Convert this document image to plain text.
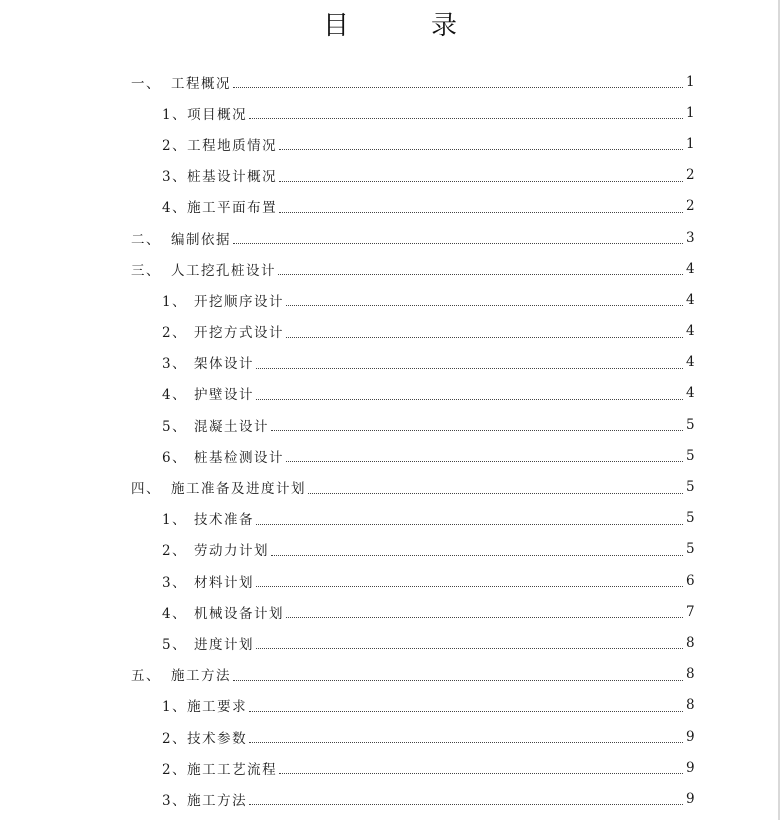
目　录
一、 工程概况	1
1、 项目概况	1
2、 工程地质情况	1
3、 桩基设计概况	2
4、 施工平面布置	2
二、 编制依据	3
三、 人工挖孔桩设计	4
1、 开挖顺序设计	4
2、 开挖方式设计	4
3、 架体设计	4
4、 护壁设计	4
5、 混凝土设计	5
6、 桩基检测设计	5
四、 施工准备及进度计划	5
1、 技术准备	5
2、 劳动力计划	5
3、 材料计划	6
4、 机械设备计划	7
5、 进度计划	8
五、 施工方法	8
1、 施工要求	8
2、 技术参数	9
2、 施工工艺流程	9
3、 施工方法	9
